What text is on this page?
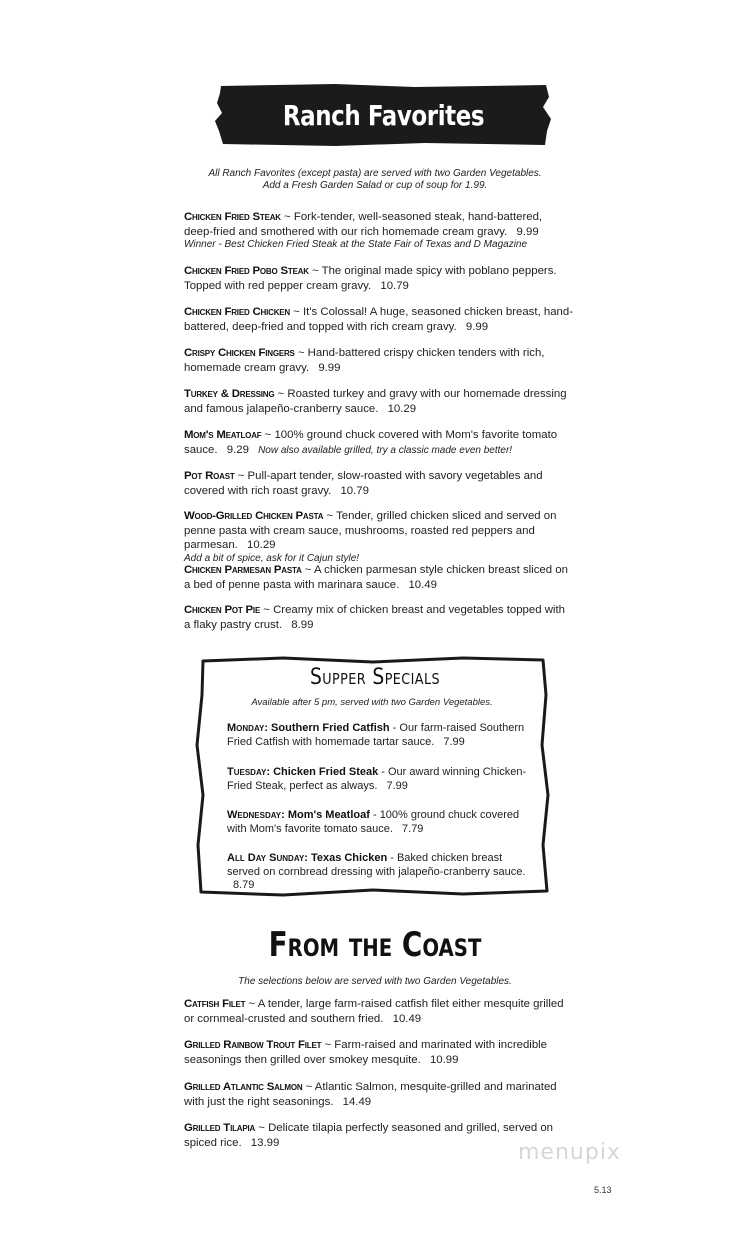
Ranch Favorites
All Ranch Favorites (except pasta) are served with two Garden Vegetables.
Add a Fresh Garden Salad or cup of soup for 1.99.

Chicken Fried Steak ~ Fork-tender, well-seasoned steak, hand-battered, deep-fried and smothered with our rich homemade cream gravy. 9.99
Winner - Best Chicken Fried Steak at the State Fair of Texas and D Magazine

Chicken Fried Pobo Steak ~ The original made spicy with poblano peppers. Topped with red pepper cream gravy. 10.79

Chicken Fried Chicken ~ It's Colossal! A huge, seasoned chicken breast, hand-battered, deep-fried and topped with rich cream gravy. 9.99

Crispy Chicken Fingers ~ Hand-battered crispy chicken tenders with rich, homemade cream gravy. 9.99

Turkey & Dressing ~ Roasted turkey and gravy with our homemade dressing and famous jalapeño-cranberry sauce. 10.29

Mom's Meatloaf ~ 100% ground chuck covered with Mom's favorite tomato sauce. 9.29 Now also available grilled, try a classic made even better!

Pot Roast ~ Pull-apart tender, slow-roasted with savory vegetables and covered with rich roast gravy. 10.79

Wood-Grilled Chicken Pasta ~ Tender, grilled chicken sliced and served on penne pasta with cream sauce, mushrooms, roasted red peppers and parmesan. 10.29
Add a bit of spice, ask for it Cajun style!

Chicken Parmesan Pasta ~ A chicken parmesan style chicken breast sliced on a bed of penne pasta with marinara sauce. 10.49

Chicken Pot Pie ~ Creamy mix of chicken breast and vegetables topped with a flaky pastry crust. 8.99

Supper Specials
Available after 5 pm, served with two Garden Vegetables.

Monday: Southern Fried Catfish - Our farm-raised Southern Fried Catfish with homemade tartar sauce. 7.99

Tuesday: Chicken Fried Steak - Our award winning Chicken-Fried Steak, perfect as always. 7.99

Wednesday: Mom's Meatloaf - 100% ground chuck covered with Mom's favorite tomato sauce. 7.79

All Day Sunday: Texas Chicken - Baked chicken breast served on cornbread dressing with jalapeño-cranberry sauce. 8.79

From the Coast
The selections below are served with two Garden Vegetables.

Catfish Filet ~ A tender, large farm-raised catfish filet either mesquite grilled or cornmeal-crusted and southern fried. 10.49

Grilled Rainbow Trout Filet ~ Farm-raised and marinated with incredible seasonings then grilled over smokey mesquite. 10.99

Grilled Atlantic Salmon ~ Atlantic Salmon, mesquite-grilled and marinated with just the right seasonings. 14.49

Grilled Tilapia ~ Delicate tilapia perfectly seasoned and grilled, served on spiced rice. 13.99	menupix
5.13
